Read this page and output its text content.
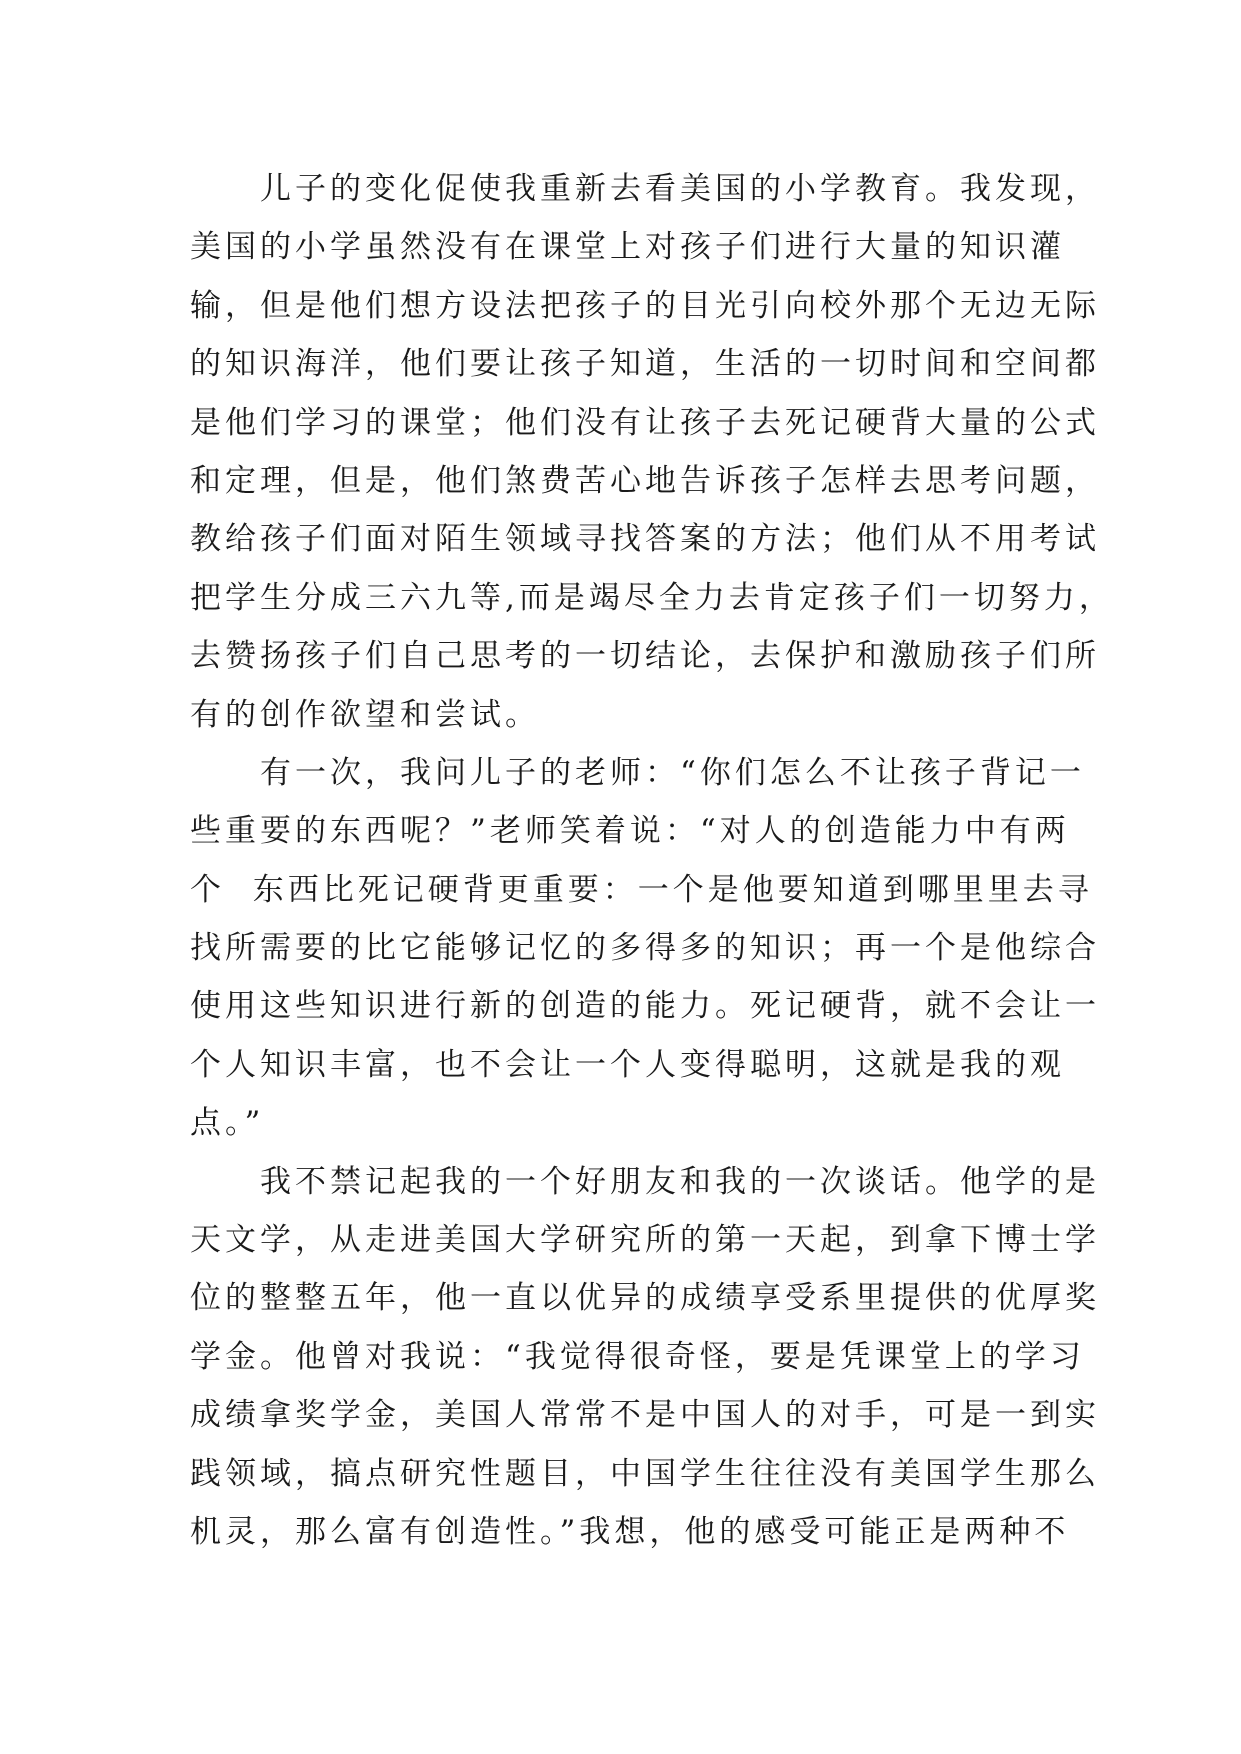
　　儿子的变化促使我重新去看美国的小学教育。我发现，
美国的小学虽然没有在课堂上对孩子们进行大量的知识灌
输，但是他们想方设法把孩子的目光引向校外那个无边无际
的知识海洋，他们要让孩子知道，生活的一切时间和空间都
是他们学习的课堂；他们没有让孩子去死记硬背大量的公式
和定理，但是，他们煞费苦心地告诉孩子怎样去思考问题，
教给孩子们面对陌生领域寻找答案的方法；他们从不用考试
把学生分成三六九等,而是竭尽全力去肯定孩子们一切努力，
去赞扬孩子们自己思考的一切结论，去保护和激励孩子们所
有的创作欲望和尝试。
　　有一次，我问儿子的老师：“你们怎么不让孩子背记一
些重要的东西呢？”老师笑着说：“对人的创造能力中有两
个  东西比死记硬背更重要：一个是他要知道到哪里里去寻
找所需要的比它能够记忆的多得多的知识；再一个是他综合
使用这些知识进行新的创造的能力。死记硬背，就不会让一
个人知识丰富，也不会让一个人变得聪明，这就是我的观
点。”
　　我不禁记起我的一个好朋友和我的一次谈话。他学的是
天文学，从走进美国大学研究所的第一天起，到拿下博士学
位的整整五年，他一直以优异的成绩享受系里提供的优厚奖
学金。他曾对我说：“我觉得很奇怪，要是凭课堂上的学习
成绩拿奖学金，美国人常常不是中国人的对手，可是一到实
践领域，搞点研究性题目，中国学生往往没有美国学生那么
机灵，那么富有创造性。”我想，他的感受可能正是两种不
